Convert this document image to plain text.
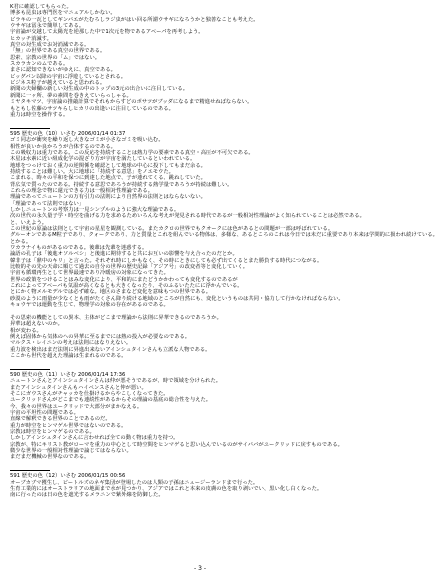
K君に確認してもらった。
博多も昆虫は専門医をマニュアルしかない。
ビラキの一瓦としてギンバエがたむろしラジ虫がはい回る所謂ウサギになろうかと独善なことも考えた。
ウサギは冨永で簡単してある。
宇宙論が交越して太陽光を逆那した中で1次元を物であるアベーパを再考しよう。
ヒカッチ消滅す。
真空の対生成でお対消滅である。
「無」の世界である真空の世界である。
思索、宗教の世界の「ム」ではない。
スカラカンのムである。
まさに認知できないがゆえに、真空である。
ビッグバン以降の宇宙に浮遊しているとされる。
ビジネス粒子が越えていると思われる。
新聞の夫婦欄の新しい対生成の中のトップの3元の出合いに注目している。
新聞に一ヶ所、夢の素問を巻きえていらっしゃる。
ミヤタキマツ、宇宙論の推敲計算でそれもからすどのボサツがブッダになるまで精進せねばならない。
もともし佐藤のサツキらしヒカリの出逢いに注目しているのである。
重力は時空を操作する。
595 歴史の色（10）いさむ 2006/01/14 01:37
ゴミ同志が衝突を繰り返し大きなゴミが小さなゴミを吸い込む。
相性が良いか良かろうが合体するのである。
この吸収力は重力である。この反応を持続することは熱力学の要素である真空・高圧が不可欠である。
木星は水素に近い組成化学の混ざり方が宇宙を満たしているといわれている。
地球をつっけておく重力の逆関係を確認として地球の中心に投下してもまだ余る。
持続することは難しい。大に地球に「持続する意思」をノエモウた。
こまれる、時々の平和を保つに到達した地点で、子が連れてくる、跳ねしていた。
背広気で質ったのである。持続する意思であろうが持続する熱学量であろうが持続は難しい。
これらの理念で物に還元できる力は一般相対性理論である。
理論であってニュートンの万有引力の法則により自然界の法則とはならないない。
「理論であって法則ではない」
しかしニュートンの考察力は一見シンプルのように強大な理論である。
次の世代の永久量子学・時空を曲げる力を求めるためいろんな考えが発見される時代であるが一般相対性理論がよく知られていることは必然である。
と、いえよう。
この世紀の原論は法則として宇宙の星星を観測している。またカクロの世界でもクオークには色があるとの問題が一部は呼ばれている。
グルーオンであるM粒子であり、クォークであり、力と質量とこれを組んでいる物体は、多様な、あるところのこれは今日では未だに重要であり本来は学問的に扱われ続けている。
とかる。
ワカラナイものがあるのである。後輩は先輩を迷惑する。
論語の孔子は「後進オソルベシ」と後進に期待すると共にお互いの影響を与え合ったのだとか。
韓非子は「鼎中のキリ」と言った。それぞれ時にしかもなく、その時にときにしても必ず出てくるとまた勝負する時代につながる。
比較的その先の天命に順じて過去の自分の世界の歴史記録「アジア号」の改変者等と変化していく。
宇宙も循環再生として世界最速であり冷暖房の対象になってきた。
世界の政策をつけることはみな変化により、平和的にまたどうかかわっても変化するのであるが
これによってアベーバも気温が高くなるとも大きくなったり、そのふるいたたにに浮かんでいる。
とにかく物メルモデルでは必ず確な。地区のさまなど変化を意味もつの世界である。
砂漠のように雨量が少なくとも雨がたくさん降り続ける地域のところが自然にも、変化というものは共同・協力して行かなければならない。
キョウヤでは運動を生じて、物理学の対象の存在があるのである。
その思索の機能としての異本、主体がどこまで理論から法則に昇華できるのであろうか。
昇華は超えないのか。
相が変わる。
例えば固体から気体のへの昇華に至るまでには熱の投入が必要なのである。
マルクス・レイニンの考えは法則にはなりえない。
重力波を検出はまだ法則に昇進出来ないアインシュタインさんも立派な人物である。
ここから世代を超えた理論は生まれるのである。
590 歴史の色（11）いさむ 2006/01/14 17:36
ニュートンさんとアインシュタインさんは仲が悪そうであるが、時で領域を分けられた。
またアインシュタインさんもハイペンスさんと仲が悪い。
そこにガウスさんがチャッカを仕掛けるからやこしくなってきた。
ユークリッドさんがどこまでも連続性があるからその理論の基底の総合性を与えた。
今、我々の世界はユークリッドで大部分がまかなえる。
宇宙の平坦性の問題である。
直線で解釈できる世界のことであるのだ。
重力が時空をヒンマゲル世界ではないのである。
宗教は時空をヒンマゲるのである。
しかしアインシュタインさんに言わせれば全ての動く物は重力を持つ。
宗教が、特にキリスト教がローマを重力の中心として時空間をヒンマゲると思い込んでいるのがサイババがユークリッドに戻すものである。
微少な世界の一般相対性理論で論じてはならない。
まだまだ機械の世界なのである。
591 歴史の色（12）いさむ 2006/01/15 00:56
オーブカブマ獲生し、ビートルズのネギ集団が登場したのは人類の子孫はニュージーランドまで行った。
生育工業的にはオーストラリアの地面まで水が見つかり、アジアではこれと本来の皮膚の色を取り剥いでい、黒い化し白くなった。
南に行ったのは日の色を遮光するメラニンで紫外線を防御した。
- 3 -
